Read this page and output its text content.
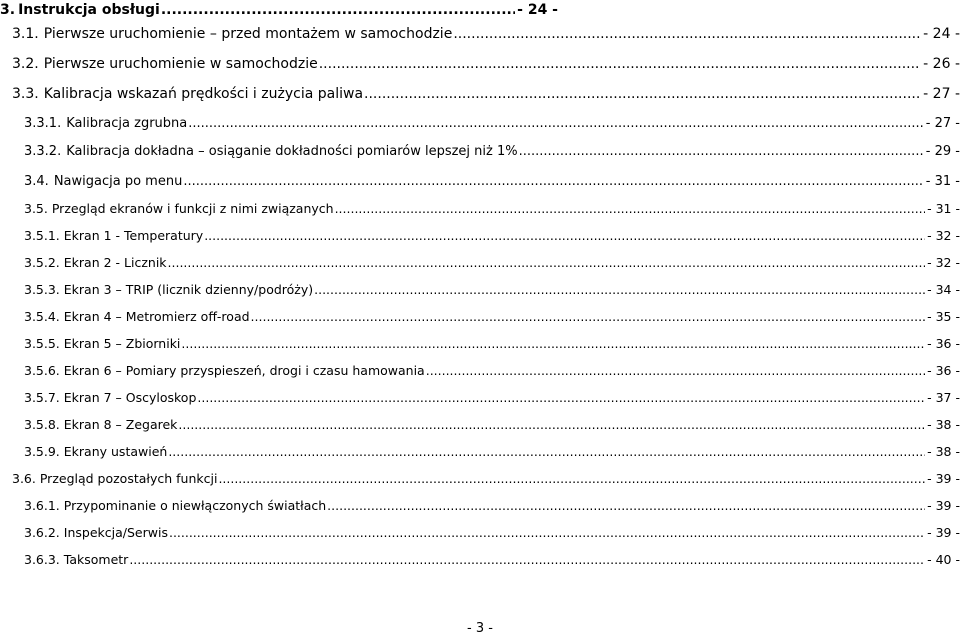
3. Instrukcja obsługi .....	- 24 -
3.1. Pierwsze uruchomienie – przed montażem w samochodzie .....	- 24 -
3.2. Pierwsze uruchomienie w samochodzie .....	- 26 -
3.3. Kalibracja wskazań prędkości i zużycia paliwa .....	- 27 -
3.3.1. Kalibracja zgrubna .....	- 27 -
3.3.2. Kalibracja dokładna – osiąganie dokładności pomiarów lepszej niż 1% .....	- 29 -
3.4. Nawigacja po menu .....	- 31 -
3.5. Przegląd ekranów i funkcji z nimi związanych .....	- 31 -
3.5.1. Ekran 1 - Temperatury .....	- 32 -
3.5.2. Ekran 2 - Licznik .....	- 32 -
3.5.3. Ekran 3 – TRIP (licznik dzienny/podróży) .....	- 34 -
3.5.4. Ekran 4 – Metromierz off-road .....	- 35 -
3.5.5. Ekran 5 – Zbiorniki .....	- 36 -
3.5.6. Ekran 6 – Pomiary przyspieszeń, drogi i czasu hamowania .....	- 36 -
3.5.7. Ekran 7 – Oscyloskop .....	- 37 -
3.5.8. Ekran 8 – Zegarek .....	- 38 -
3.5.9. Ekrany ustawień .....	- 38 -
3.6. Przegląd pozostałych funkcji .....	- 39 -
3.6.1. Przypominanie o niewłączonych światłach .....	- 39 -
3.6.2. Inspekcja/Serwis .....	- 39 -
3.6.3. Taksometr .....	- 40 -
- 3 -
